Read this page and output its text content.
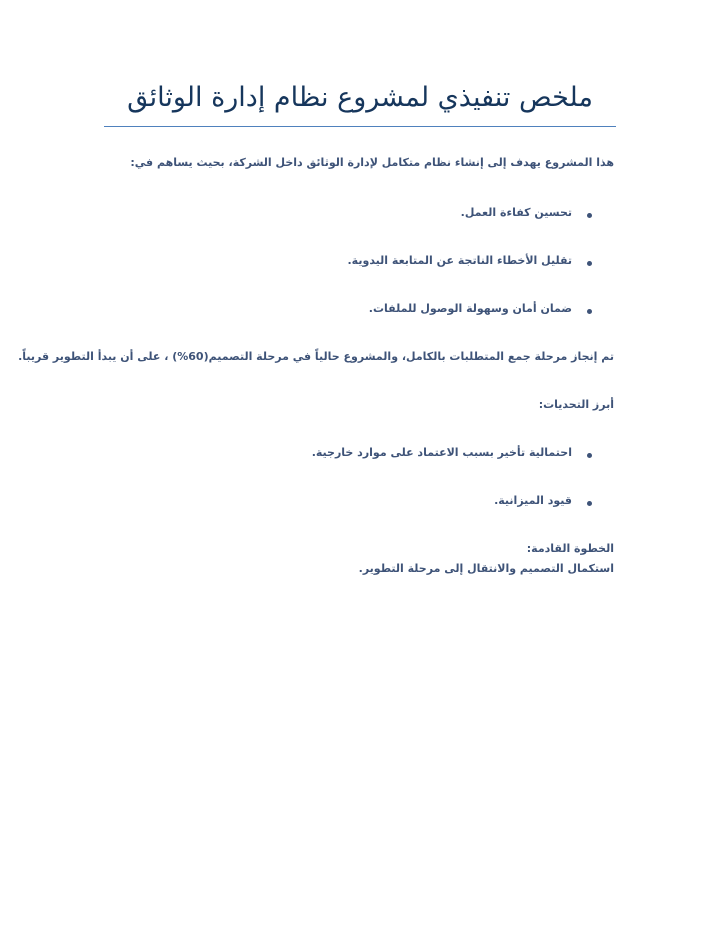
ملخص تنفيذي لمشروع نظام إدارة الوثائق
هذا المشروع يهدف إلى إنشاء نظام متكامل لإدارة الوثائق داخل الشركة، بحيث يساهم في:
تحسين كفاءة العمل.
تقليل الأخطاء الناتجة عن المتابعة اليدوية.
ضمان أمان وسهولة الوصول للملفات.
تم إنجاز مرحلة جمع المتطلبات بالكامل، والمشروع حالياً في مرحلة التصميم(60%) ، على أن يبدأ التطوير قريباً.
أبرز التحديات:
احتمالية تأخير بسبب الاعتماد على موارد خارجية.
قيود الميزانية.
الخطوة القادمة:
استكمال التصميم والانتقال إلى مرحلة التطوير.
